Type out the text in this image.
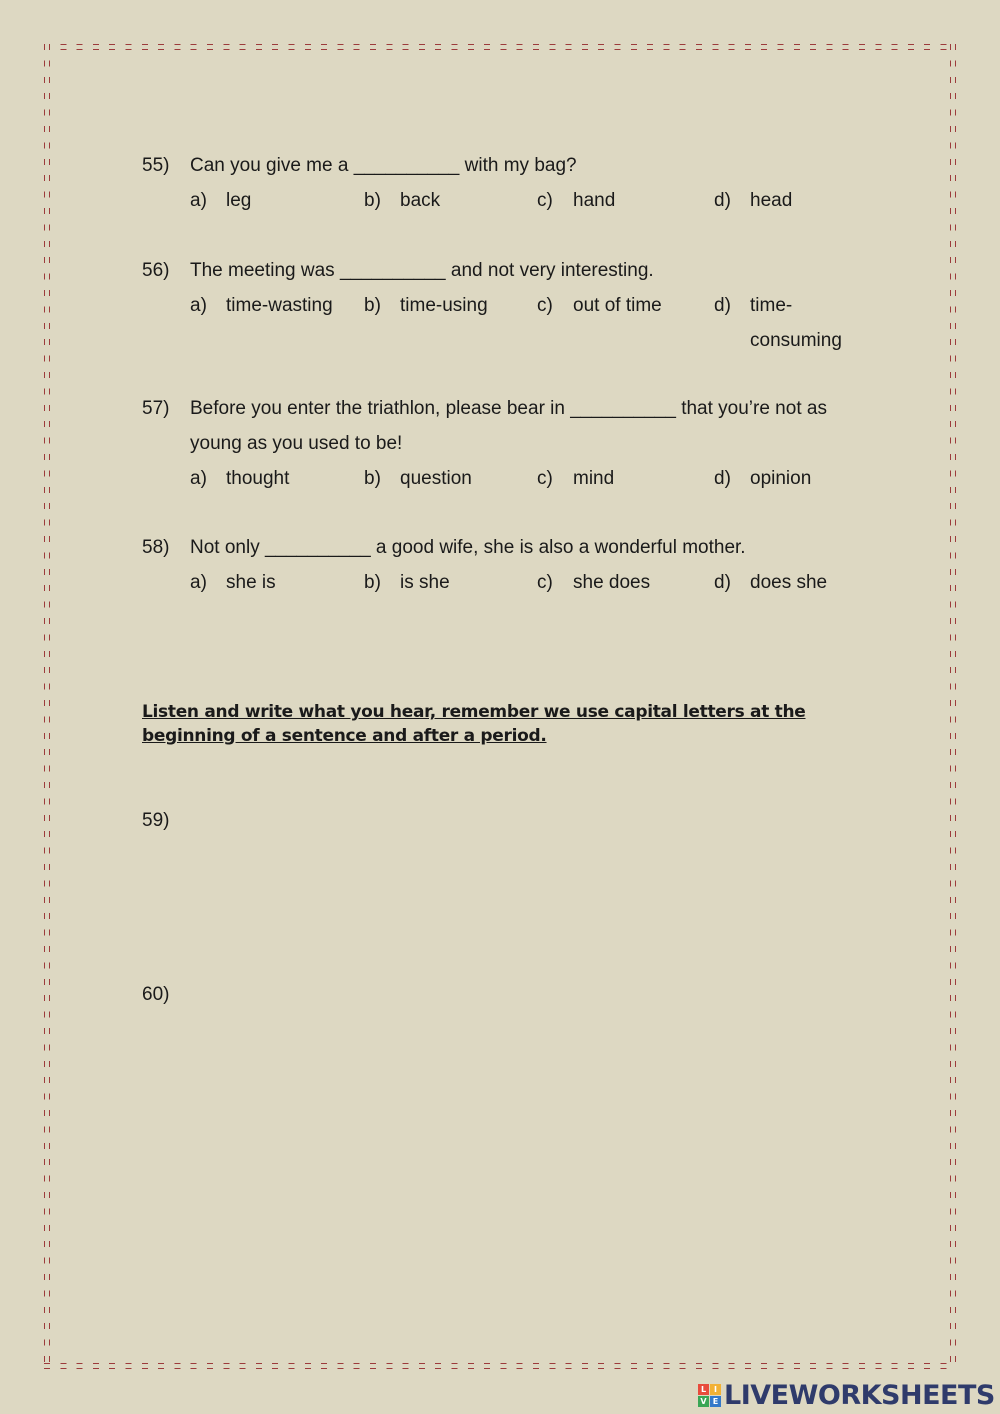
55) Can you give me a __________ with my bag?
a) leg	b) back	c) hand	d) head
56) The meeting was __________ and not very interesting.
a) time-wasting b) time-using	c) out of time	d) time-consuming
57) Before you enter the triathlon, please bear in __________ that you’re not as young as you used to be!
a) thought	b) question	c) mind	d) opinion
58) Not only __________ a good wife, she is also a wonderful mother.
a) she is	b) is she	c) she does	d) does she
Listen and write what you hear, remember we use capital letters at the beginning of a sentence and after a period.
59)
60)
L I
V E LIVEWORKSHEETS
